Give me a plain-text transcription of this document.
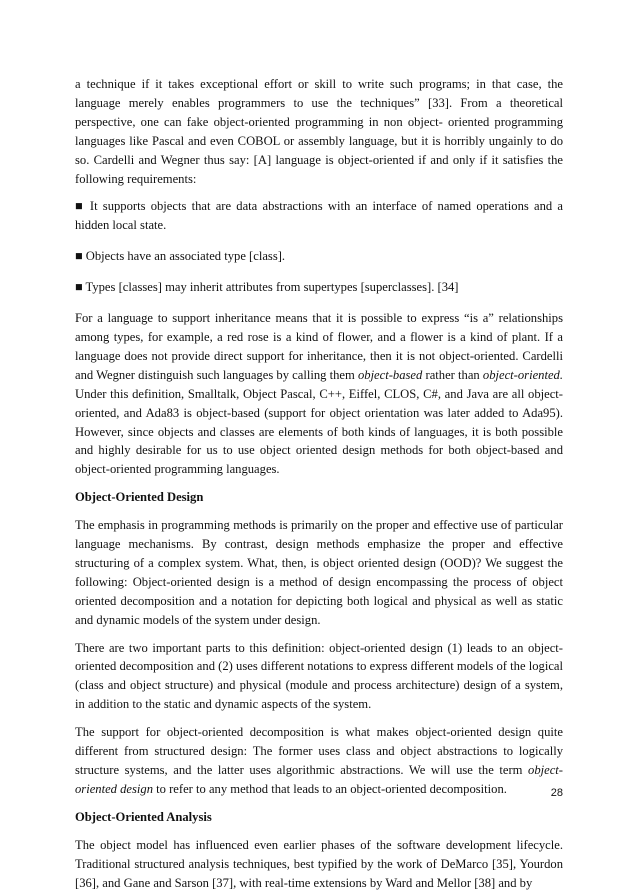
a technique if it takes exceptional effort or skill to write such programs; in that case, the language merely enables programmers to use the techniques” [33]. From a theoretical perspective, one can fake object-oriented programming in non object- oriented programming languages like Pascal and even COBOL or assembly language, but it is horribly ungainly to do so. Cardelli and Wegner thus say: [A] language is object-oriented if and only if it satisfies the following requirements:

■ It supports objects that are data abstractions with an interface of named operations and a hidden local state.

■ Objects have an associated type [class].

■ Types [classes] may inherit attributes from supertypes [superclasses]. [34]

For a language to support inheritance means that it is possible to express “is a” relationships among types, for example, a red rose is a kind of flower, and a flower is a kind of plant. If a language does not provide direct support for inheritance, then it is not object-oriented. Cardelli and Wegner distinguish such languages by calling them object-based rather than object-oriented. Under this definition, Smalltalk, Object Pascal, C++, Eiffel, CLOS, C#, and Java are all object-oriented, and Ada83 is object-based (support for object orientation was later added to Ada95). However, since objects and classes are elements of both kinds of languages, it is both possible and highly desirable for us to use object oriented design methods for both object-based and object-oriented programming languages.

Object-Oriented Design

The emphasis in programming methods is primarily on the proper and effective use of particular language mechanisms. By contrast, design methods emphasize the proper and effective structuring of a complex system. What, then, is object oriented design (OOD)? We suggest the following: Object-oriented design is a method of design encompassing the process of object oriented decomposition and a notation for depicting both logical and physical as well as static and dynamic models of the system under design.

There are two important parts to this definition: object-oriented design (1) leads to an object-oriented decomposition and (2) uses different notations to express different models of the logical (class and object structure) and physical (module and process architecture) design of a system, in addition to the static and dynamic aspects of the system.

The support for object-oriented decomposition is what makes object-oriented design quite different from structured design: The former uses class and object abstractions to logically structure systems, and the latter uses algorithmic abstractions. We will use the term object-oriented design to refer to any method that leads to an object-oriented decomposition.

Object-Oriented Analysis

The object model has influenced even earlier phases of the software development lifecycle. Traditional structured analysis techniques, best typified by the work of DeMarco [35], Yourdon [36], and Gane and Sarson [37], with real-time extensions by Ward and Mellor [38] and by

28
